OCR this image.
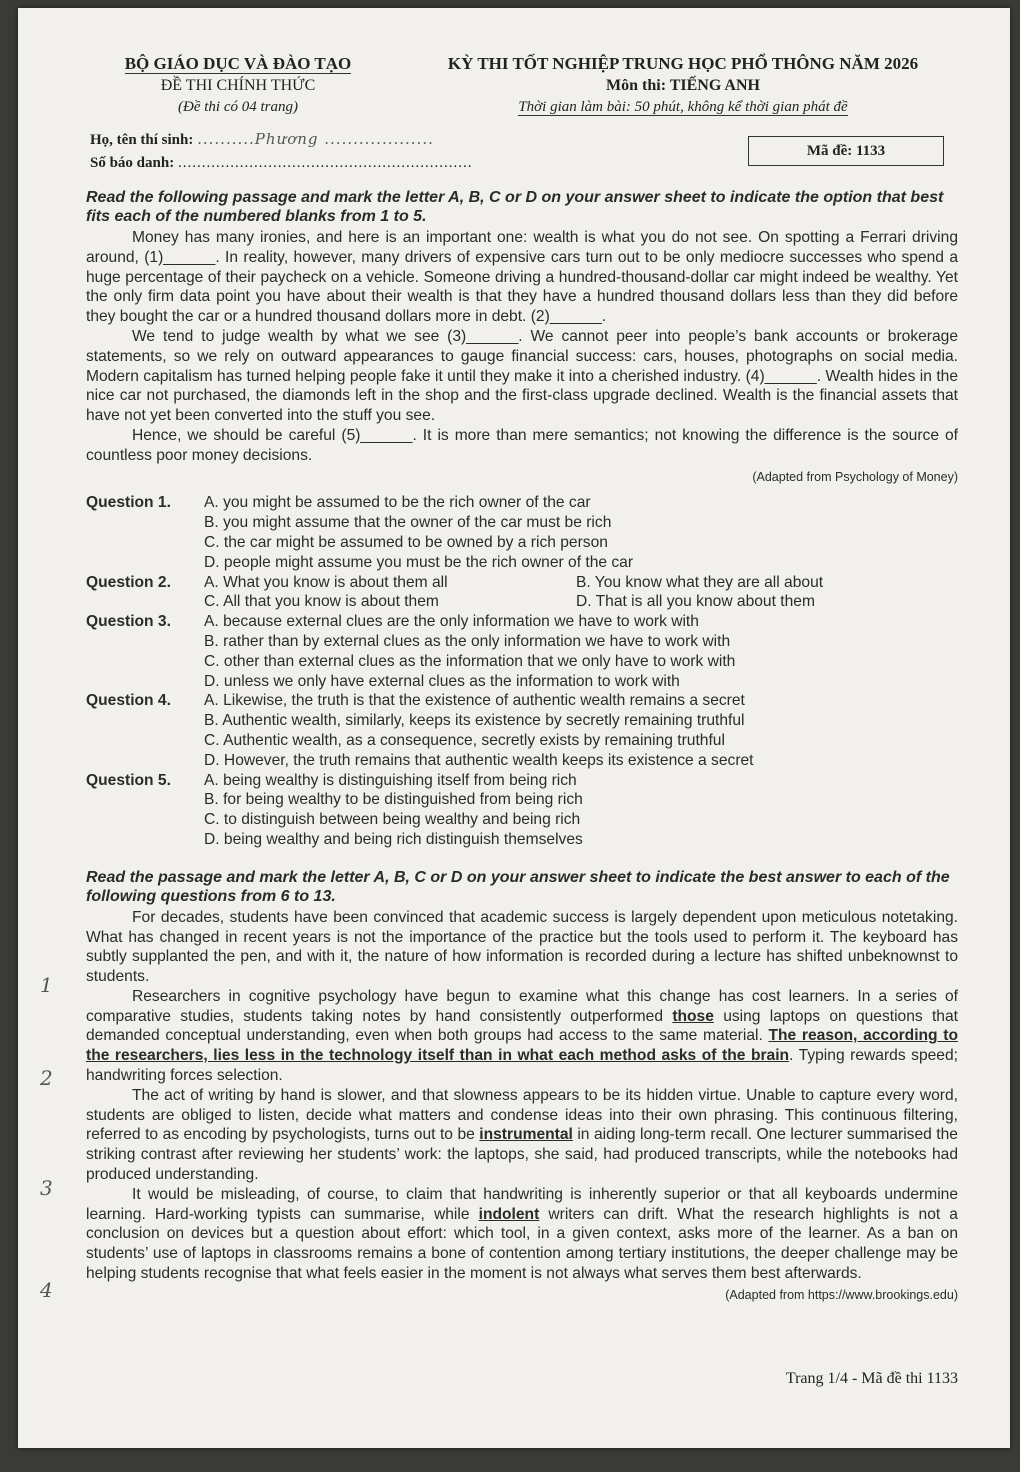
BỘ GIÁO DỤC VÀ ĐÀO TẠO
ĐỀ THI CHÍNH THỨC
(Đề thi có 04 trang)
KỲ THI TỐT NGHIỆP TRUNG HỌC PHỔ THÔNG NĂM 2026
Môn thi: TIẾNG ANH
Thời gian làm bài: 50 phút, không kể thời gian phát đề
Họ, tên thí sinh: ..........Phương ...................
Số báo danh: ..............................................................
Mã đề: 1133
Read the following passage and mark the letter A, B, C or D on your answer sheet to indicate the option that best fits each of the numbered blanks from 1 to 5.

Money has many ironies, and here is an important one: wealth is what you do not see. On spotting a Ferrari driving around, (1)______. In reality, however, many drivers of expensive cars turn out to be only mediocre successes who spend a huge percentage of their paycheck on a vehicle. Someone driving a hundred-thousand-dollar car might indeed be wealthy. Yet the only firm data point you have about their wealth is that they have a hundred thousand dollars less than they did before they bought the car or a hundred thousand dollars more in debt. (2)______.

We tend to judge wealth by what we see (3)______. We cannot peer into people’s bank accounts or brokerage statements, so we rely on outward appearances to gauge financial success: cars, houses, photographs on social media. Modern capitalism has turned helping people fake it until they make it into a cherished industry. (4)______. Wealth hides in the nice car not purchased, the diamonds left in the shop and the first-class upgrade declined. Wealth is the financial assets that have not yet been converted into the stuff you see.

Hence, we should be careful (5)______. It is more than mere semantics; not knowing the difference is the source of countless poor money decisions.

(Adapted from Psychology of Money)
Question 1.	A. you might be assumed to be the rich owner of the car
B. you might assume that the owner of the car must be rich
C. the car might be assumed to be owned by a rich person
D. people might assume you must be the rich owner of the car
Question 2.	A. What you know is about them all	B. You know what they are all about
C. All that you know is about them	D. That is all you know about them
Question 3.	A. because external clues are the only information we have to work with
B. rather than by external clues as the only information we have to work with
C. other than external clues as the information that we only have to work with
D. unless we only have external clues as the information to work with
Question 4.	A. Likewise, the truth is that the existence of authentic wealth remains a secret
B. Authentic wealth, similarly, keeps its existence by secretly remaining truthful
C. Authentic wealth, as a consequence, secretly exists by remaining truthful
D. However, the truth remains that authentic wealth keeps its existence a secret
Question 5.	A. being wealthy is distinguishing itself from being rich
B. for being wealthy to be distinguished from being rich
C. to distinguish between being wealthy and being rich
D. being wealthy and being rich distinguish themselves
Read the passage and mark the letter A, B, C or D on your answer sheet to indicate the best answer to each of the following questions from 6 to 13.

For decades, students have been convinced that academic success is largely dependent upon meticulous notetaking. What has changed in recent years is not the importance of the practice but the tools used to perform it. The keyboard has subtly supplanted the pen, and with it, the nature of how information is recorded during a lecture has shifted unbeknownst to students.

Researchers in cognitive psychology have begun to examine what this change has cost learners. In a series of comparative studies, students taking notes by hand consistently outperformed those using laptops on questions that demanded conceptual understanding, even when both groups had access to the same material. The reason, according to the researchers, lies less in the technology itself than in what each method asks of the brain. Typing rewards speed; handwriting forces selection.

The act of writing by hand is slower, and that slowness appears to be its hidden virtue. Unable to capture every word, students are obliged to listen, decide what matters and condense ideas into their own phrasing. This continuous filtering, referred to as encoding by psychologists, turns out to be instrumental in aiding long-term recall. One lecturer summarised the striking contrast after reviewing her students’ work: the laptops, she said, had produced transcripts, while the notebooks had produced understanding.

It would be misleading, of course, to claim that handwriting is inherently superior or that all keyboards undermine learning. Hard-working typists can summarise, while indolent writers can drift. What the research highlights is not a conclusion on devices but a question about effort: which tool, in a given context, asks more of the learner. As a ban on students’ use of laptops in classrooms remains a bone of contention among tertiary institutions, the deeper challenge may be helping students recognise that what feels easier in the moment is not always what serves them best afterwards.

(Adapted from https://www.brookings.edu)
1
2
3
4
Trang 1/4 - Mã đề thi 1133
